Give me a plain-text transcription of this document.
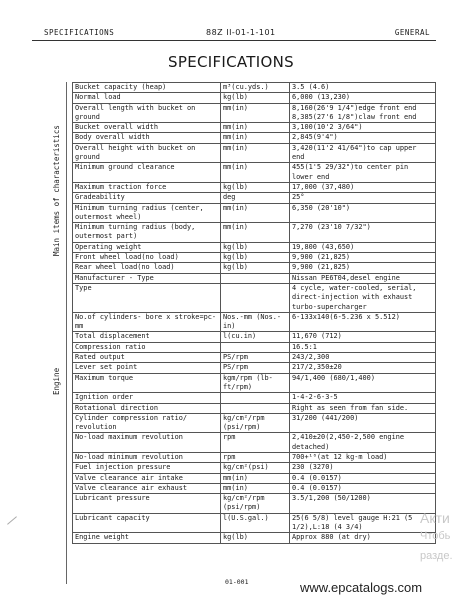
SPECIFICATIONS	88Z II-01-1-101	GENERAL
SPECIFICATIONS
Main items of characteristics
Engine
Bucket capacity (heap)	m³(cu.yds.)	3.5 (4.6)
Normal load	kg(lb)	6,000 (13,230)
Overall length with bucket on ground	mm(in)	8,160(26'9 1/4")edge front end 8,385(27'6 1/8")claw front end
Bucket overall width	mm(in)	3,100(10'2 3/64")
Body overall width	mm(in)	2,845(9'4")
Overall height with bucket on ground	mm(in)	3,420(11'2 41/64")to cap upper end
Minimum ground clearance	mm(in)	455(1'5 29/32")to center pin lower end
Maximum traction force	kg(lb)	17,000 (37,480)
Gradeability	deg	25°
Minimum turning radius (center, outermost wheel)	mm(in)	6,350 (20'10")
Minimum turning radius (body, outermost part)	mm(in)	7,270 (23'10 7/32")
Operating weight	kg(lb)	19,800 (43,650)
Front wheel load(no load)	kg(lb)	9,900 (21,825)
Rear wheel load(no load)	kg(lb)	9,900 (21,825)
Manufacturer - Type		Nissan PE6T04,desel engine
Type		4 cycle, water-cooled, serial, direct-injection with exhaust turbo-supercharger
No.of cylinders- bore x stroke=pc-mm	Nos.-mm (Nos.-in)	6-133x140(6-5.236 x 5.512)
Total displacement	l(cu.in)	11,670 (712)
Compression ratio		16.5:1
Rated output	PS/rpm	243/2,300
Lever set point	PS/rpm	217/2,350±20
Maximum torque	kgm/rpm (lb-ft/rpm)	94/1,400 (680/1,400)
Ignition order		1-4-2-6-3-5
Rotational direction		Right as seen from fan side.
Cylinder compression ratio/ revolution	kg/cm²/rpm (psi/rpm)	31/200 (441/200)
No-load maximum revolution	rpm	2,410±20(2,450-2,500 engine detached)
No-load minimum revolution	rpm	700+¹⁰(at 12 kg-m load)
Fuel injection pressure	kg/cm²(psi)	230 (3270)
Valve clearance air intake	mm(in)	0.4 (0.0157)
Valve clearance air exhaust	mm(in)	0.4 (0.0157)
Lubricant pressure	kg/cm²/rpm (psi/rpm)	3.5/1,200 (50/1200)
Lubricant capacity	l(U.S.gal.)	25(6 5/8) level gauge H:21 (5 1/2),L:18 (4 3/4)
Engine weight	kg(lb)	Approx 880 (at dry)
01-001	www.epcatalogs.com
Акти
Чтобь
разде.
